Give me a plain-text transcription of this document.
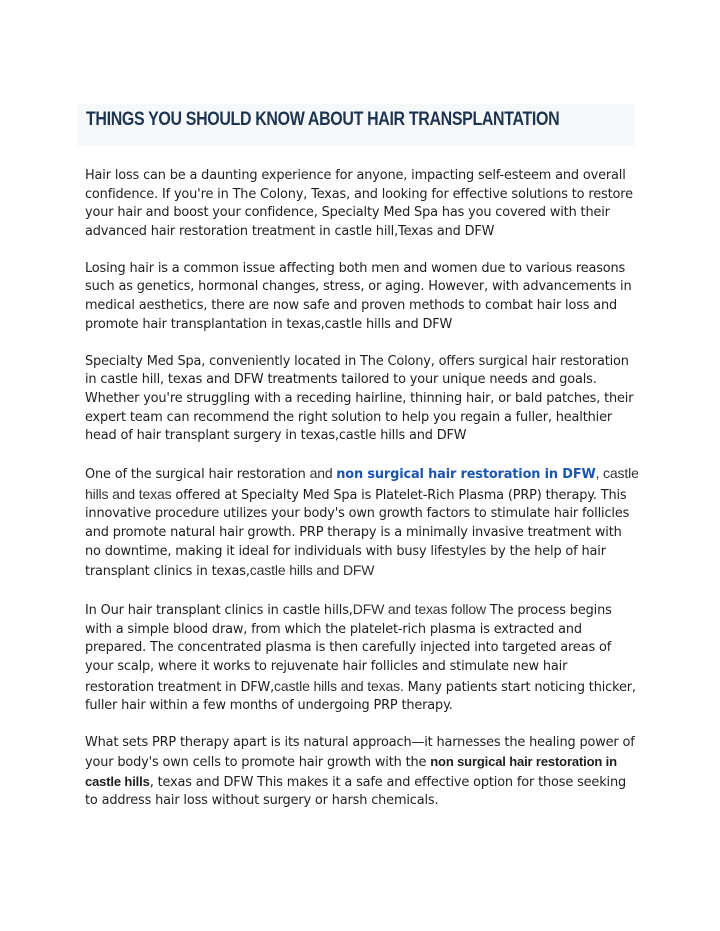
THINGS YOU SHOULD KNOW ABOUT HAIR TRANSPLANTATION

Hair loss can be a daunting experience for anyone, impacting self-esteem and overall confidence. If you're in The Colony, Texas, and looking for effective solutions to restore your hair and boost your confidence, Specialty Med Spa has you covered with their advanced hair restoration treatment in castle hill,Texas and DFW

Losing hair is a common issue affecting both men and women due to various reasons such as genetics, hormonal changes, stress, or aging. However, with advancements in medical aesthetics, there are now safe and proven methods to combat hair loss and promote hair transplantation in texas,castle hills and DFW

Specialty Med Spa, conveniently located in The Colony, offers surgical hair restoration in castle hill, texas and DFW treatments tailored to your unique needs and goals. Whether you're struggling with a receding hairline, thinning hair, or bald patches, their expert team can recommend the right solution to help you regain a fuller, healthier head of hair transplant surgery in texas,castle hills and DFW

One of the surgical hair restoration and non surgical hair restoration in DFW, castle hills and texas offered at Specialty Med Spa is Platelet-Rich Plasma (PRP) therapy. This innovative procedure utilizes your body's own growth factors to stimulate hair follicles and promote natural hair growth. PRP therapy is a minimally invasive treatment with no downtime, making it ideal for individuals with busy lifestyles by the help of hair transplant clinics in texas,castle hills and DFW

In Our hair transplant clinics in castle hills,DFW and texas follow The process begins with a simple blood draw, from which the platelet-rich plasma is extracted and prepared. The concentrated plasma is then carefully injected into targeted areas of your scalp, where it works to rejuvenate hair follicles and stimulate new hair restoration treatment in DFW,castle hills and texas. Many patients start noticing thicker, fuller hair within a few months of undergoing PRP therapy.

What sets PRP therapy apart is its natural approach—it harnesses the healing power of your body's own cells to promote hair growth with the non surgical hair restoration in castle hills, texas and DFW This makes it a safe and effective option for those seeking to address hair loss without surgery or harsh chemicals.
